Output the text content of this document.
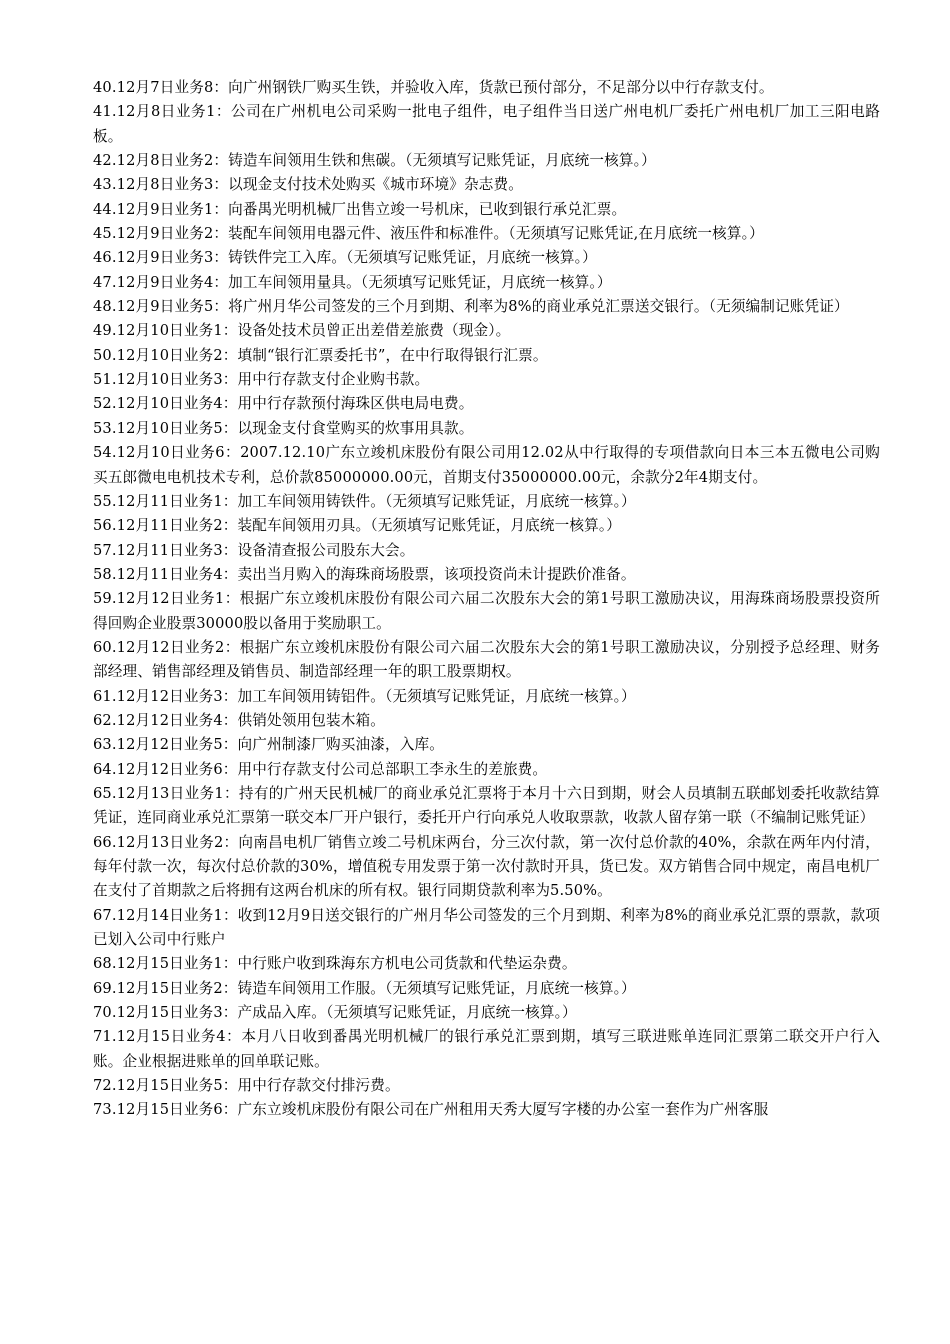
40.12月7日业务8：向广州钢铁厂购买生铁，并验收入库，货款已预付部分，不足部分以中行存款支付。

41.12月8日业务1：公司在广州机电公司采购一批电子组件，电子组件当日送广州电机厂委托广州电机厂加工三阳电路板。

42.12月8日业务2：铸造车间领用生铁和焦碳。（无须填写记账凭证，月底统一核算。）

43.12月8日业务3：以现金支付技术处购买《城市环境》杂志费。

44.12月9日业务1：向番禺光明机械厂出售立竣一号机床，已收到银行承兑汇票。

45.12月9日业务2：装配车间领用电器元件、液压件和标准件。（无须填写记账凭证,在月底统一核算。）

46.12月9日业务3：铸铁件完工入库。（无须填写记账凭证，月底统一核算。）

47.12月9日业务4：加工车间领用量具。（无须填写记账凭证，月底统一核算。）

48.12月9日业务5：将广州月华公司签发的三个月到期、利率为8%的商业承兑汇票送交银行。（无须编制记账凭证）

49.12月10日业务1：设备处技术员曾正出差借差旅费（现金）。

50.12月10日业务2：填制“银行汇票委托书”，在中行取得银行汇票。

51.12月10日业务3：用中行存款支付企业购书款。

52.12月10日业务4：用中行存款预付海珠区供电局电费。

53.12月10日业务5：以现金支付食堂购买的炊事用具款。

54.12月10日业务6：2007.12.10广东立竣机床股份有限公司用12.02从中行取得的专项借款向日本三本五微电公司购买五郎微电电机技术专利，总价款85000000.00元，首期支付35000000.00元，余款分2年4期支付。

55.12月11日业务1：加工车间领用铸铁件。（无须填写记账凭证，月底统一核算。）

56.12月11日业务2：装配车间领用刃具。（无须填写记账凭证，月底统一核算。）

57.12月11日业务3：设备清查报公司股东大会。

58.12月11日业务4：卖出当月购入的海珠商场股票，该项投资尚未计提跌价准备。

59.12月12日业务1：根据广东立竣机床股份有限公司六届二次股东大会的第1号职工激励决议，用海珠商场股票投资所得回购企业股票30000股以备用于奖励职工。

60.12月12日业务2：根据广东立竣机床股份有限公司六届二次股东大会的第1号职工激励决议，分别授予总经理、财务部经理、销售部经理及销售员、制造部经理一年的职工股票期权。

61.12月12日业务3：加工车间领用铸铝件。（无须填写记账凭证，月底统一核算。）

62.12月12日业务4：供销处领用包装木箱。

63.12月12日业务5：向广州制漆厂购买油漆，入库。

64.12月12日业务6：用中行存款支付公司总部职工李永生的差旅费。

65.12月13日业务1：持有的广州天民机械厂的商业承兑汇票将于本月十六日到期，财会人员填制五联邮划委托收款结算凭证，连同商业承兑汇票第一联交本厂开户银行，委托开户行向承兑人收取票款，收款人留存第一联（不编制记账凭证）

66.12月13日业务2：向南昌电机厂销售立竣二号机床两台，分三次付款，第一次付总价款的40%，余款在两年内付清，每年付款一次，每次付总价款的30%，增值税专用发票于第一次付款时开具，货已发。双方销售合同中规定，南昌电机厂在支付了首期款之后将拥有这两台机床的所有权。银行同期贷款利率为5.50%。

67.12月14日业务1：收到12月9日送交银行的广州月华公司签发的三个月到期、利率为8%的商业承兑汇票的票款，款项已划入公司中行账户

68.12月15日业务1：中行账户收到珠海东方机电公司货款和代垫运杂费。

69.12月15日业务2：铸造车间领用工作服。（无须填写记账凭证，月底统一核算。）

70.12月15日业务3：产成品入库。（无须填写记账凭证，月底统一核算。）

71.12月15日业务4：本月八日收到番禺光明机械厂的银行承兑汇票到期，填写三联进账单连同汇票第二联交开户行入账。企业根据进账单的回单联记账。

72.12月15日业务5：用中行存款交付排污费。

73.12月15日业务6：广东立竣机床股份有限公司在广州租用天秀大厦写字楼的办公室一套作为广州客服
